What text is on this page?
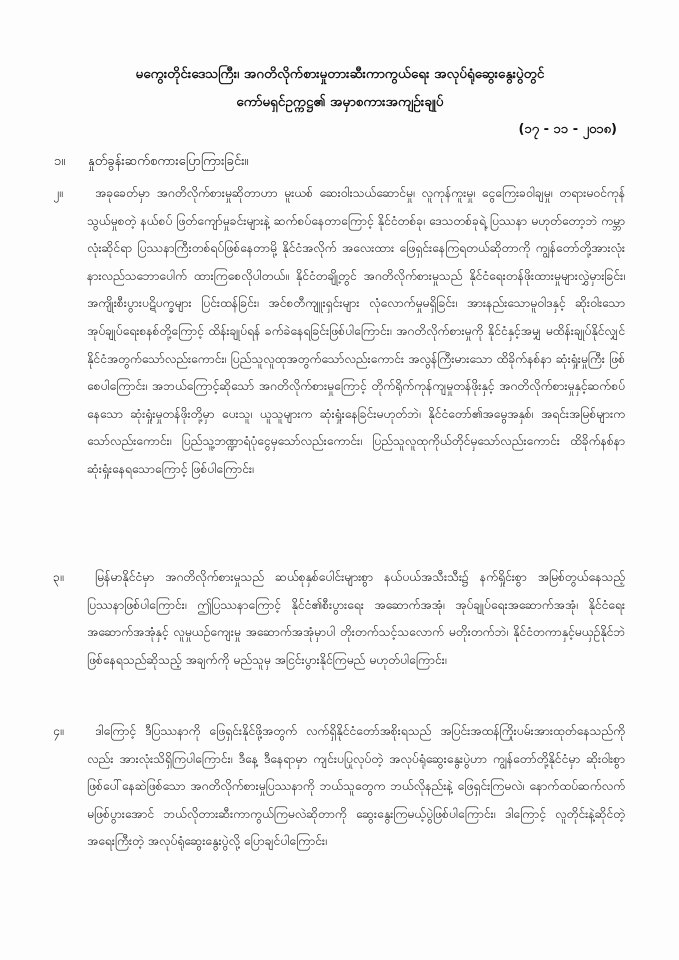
မကွေးတိုင်းဒေသကြီး၊ အဂတိလိုက်စားမှုတားဆီးကာကွယ်ရေး အလုပ်ရုံဆွေးနွေးပွဲတွင်
ကော်မရှင်ဥက္ကဋ္ဌ၏ အမှာစကားအကျဉ်းချုပ်
(၁၇ - ၁၁ - ၂၀၁၈)
၁။ နှုတ်ခွန်းဆက်စကားပြောကြားခြင်း။
၂။	အခုခေတ်မှာ အဂတိလိုက်စားမှုဆိုတာဟာ မူးယစ် ဆေးဝါးသယ်ဆောင်မှု၊ လူကုန်ကူးမှု၊ ငွေကြေးခဝါချမှု၊ တရားမဝင်ကုန်သွယ်မှုစတဲ့ နယ်စပ် ဖြတ်ကျော်မှုခင်းများနဲ့ ဆက်စပ်နေတာကြောင့် နိုင်ငံတစ်ခု၊ ဒေသတစ်ခုရဲ့ ပြဿနာ မဟုတ်တော့ဘဲ ကမ္ဘာလုံးဆိုင်ရာ ပြဿနာကြီးတစ်ရပ်ဖြစ်နေတာမို့ နိုင်ငံအလိုက် အလေးထား ဖြေရှင်းနေကြရတယ်ဆိုတာကို ကျွန်တော်တို့အားလုံး နားလည်သဘောပေါက် ထားကြစေလိုပါတယ်။ နိုင်ငံတချို့တွင် အဂတိလိုက်စားမှုသည် နိုင်ငံရေးတန်ဖိုးထားမှုများလွှဲမှားခြင်း၊ အကျိုးစီးပွားပဋိပက္ခများ ပြင်းထန်ခြင်း၊ အင်စတီကျူးရှင်းများ လုံလောက်မှုမရှိခြင်း၊ အားနည်းသောမူဝါဒနှင့် ဆိုးဝါးသော အုပ်ချုပ်ရေးစနစ်တို့ကြောင့် ထိန်းချုပ်ရန် ခက်ခဲနေရခြင်းဖြစ်ပါကြောင်း၊ အဂတိလိုက်စားမှုကို နိုင်ငံနှင့်အမျှ မထိန်းချုပ်နိုင်လျှင် နိုင်ငံအတွက်သော်လည်းကောင်း၊ ပြည်သူလူထုအတွက်သော်လည်းကောင်း အလွန်ကြီးမားသော ထိခိုက်နစ်နာ ဆုံးရှုံးမှုကြီး ဖြစ်စေပါကြောင်း၊ အဘယ်ကြောင့်ဆိုသော် အဂတိလိုက်စားမှုကြောင့် တိုက်ရိုက်ကုန်ကျမှုတန်ဖိုးနှင့် အဂတိလိုက်စားမှုနှင့်ဆက်စပ်နေသော ဆုံးရှုံးမှုတန်ဖိုးတို့မှာ ပေးသူ၊ ယူသူများက ဆုံးရှုံးနေခြင်းမဟုတ်ဘဲ၊ နိုင်ငံတော်၏အမွေအနှစ်၊ အရင်းအမြစ်များကသော်လည်းကောင်း၊ ပြည်သူ့ဘဏ္ဍာရံပုံငွေမှသော်လည်းကောင်း၊ ပြည်သူလူထုကိုယ်တိုင်မှသော်လည်းကောင်း ထိခိုက်နစ်နာ ဆုံးရှုံးနေရသောကြောင့် ဖြစ်ပါကြောင်း၊
၃။	မြန်မာနိုင်ငံမှာ အဂတိလိုက်စားမှုသည် ဆယ်စုနှစ်ပေါင်းများစွာ နယ်ပယ်အသီးသီး၌ နက်ရှိုင်းစွာ အမြစ်တွယ်နေသည့် ပြဿနာဖြစ်ပါကြောင်း၊ ဤပြဿနာကြောင့် နိုင်ငံ၏စီးပွားရေး အဆောက်အအုံ၊ အုပ်ချုပ်ရေးအဆောက်အအုံ၊ နိုင်ငံရေးအဆောက်အအုံနှင့် လူမှုယဉ်ကျေးမှု အဆောက်အအုံမှာပါ တိုးတက်သင့်သလောက် မတိုးတက်ဘဲ၊ နိုင်ငံတကာနှင့်မယှဉ်နိုင်ဘဲ ဖြစ်နေရသည်ဆိုသည့် အချက်ကို မည်သူမှ အငြင်းပွားနိုင်ကြမည် မဟုတ်ပါကြောင်း၊
၄။	ဒါကြောင့် ဒီပြဿနာကို ဖြေရှင်းနိုင်ဖို့အတွက် လက်ရှိနိုင်ငံတော်အစိုးရသည် အပြင်းအထန်ကြိုးပမ်းအားထုတ်နေသည်ကိုလည်း အားလုံးသိရှိကြပါကြောင်း၊ ဒီနေ့ ဒီနေရာမှာ ကျင်းပပြုလုပ်တဲ့ အလုပ်ရုံဆွေးနွေးပွဲဟာ ကျွန်တော်တို့နိုင်ငံမှာ ဆိုးဝါးစွာ ဖြစ်ပေါ်နေဆဲဖြစ်သော အဂတိလိုက်စားမှုပြဿနာကို ဘယ်သူတွေက ဘယ်လိုနည်းနဲ့ ဖြေရှင်းကြမလဲ၊ နောက်ထပ်ဆက်လက်မဖြစ်ပွားအောင် ဘယ်လိုတားဆီးကာကွယ်ကြမလဲဆိုတာကို ဆွေးနွေးကြမယ့်ပွဲဖြစ်ပါကြောင်း၊ ဒါကြောင့် လူတိုင်းနဲ့ဆိုင်တဲ့ အရေးကြီးတဲ့ အလုပ်ရုံဆွေးနွေးပွဲလို့ ပြောချင်ပါကြောင်း၊
